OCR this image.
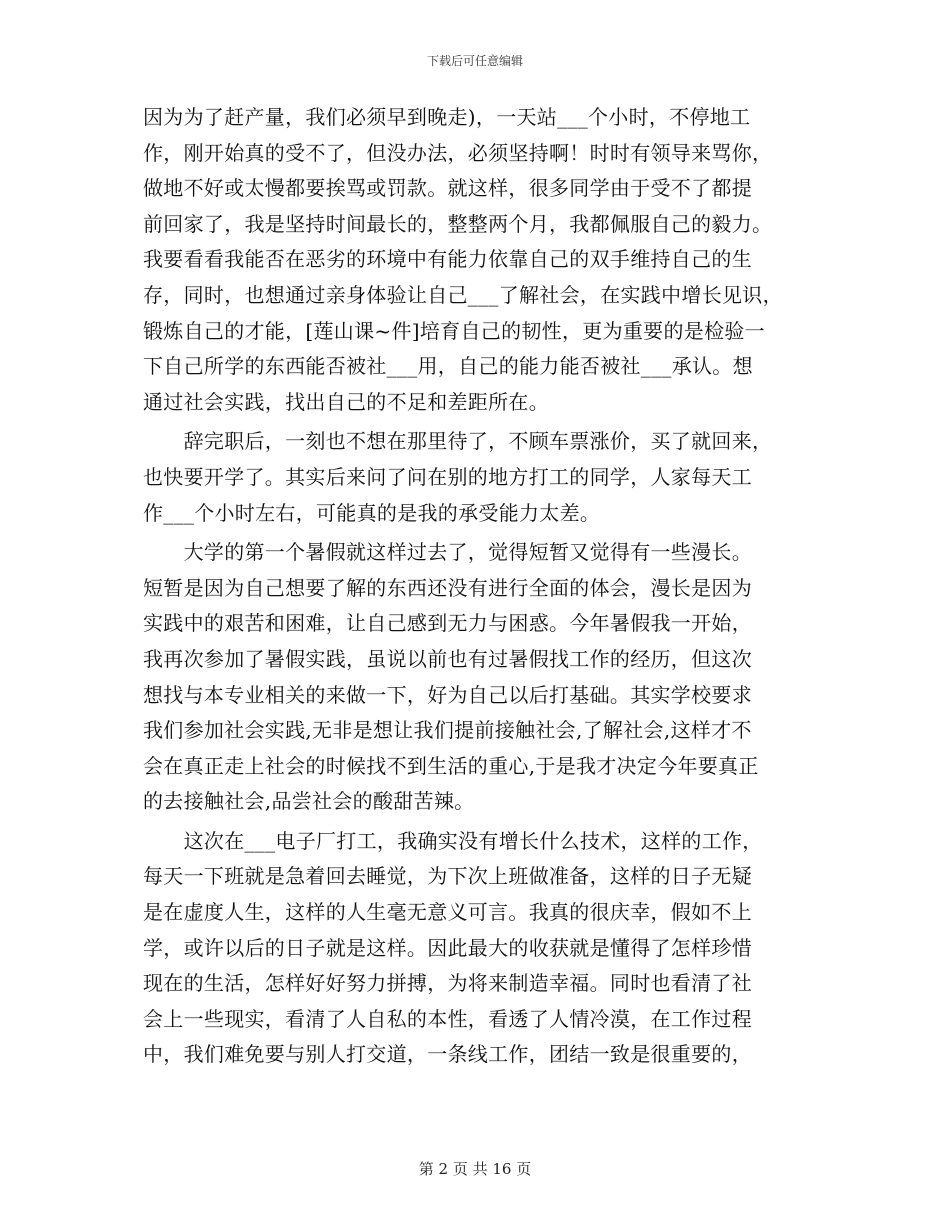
下载后可任意编辑
因为为了赶产量，我们必须早到晚走)，一天站___个小时，不停地工
作，刚开始真的受不了，但没办法，必须坚持啊！时时有领导来骂你，
做地不好或太慢都要挨骂或罚款。就这样，很多同学由于受不了都提
前回家了，我是坚持时间最长的，整整两个月，我都佩服自己的毅力。
我要看看我能否在恶劣的环境中有能力依靠自己的双手维持自己的生
存，同时，也想通过亲身体验让自己___了解社会，在实践中增长见识，
锻炼自己的才能，[莲山课~件]培育自己的韧性，更为重要的是检验一
下自己所学的东西能否被社___用，自己的能力能否被社___承认。想
通过社会实践，找出自己的不足和差距所在。
　　辞完职后，一刻也不想在那里待了，不顾车票涨价，买了就回来，
也快要开学了。其实后来问了问在别的地方打工的同学，人家每天工
作___个小时左右，可能真的是我的承受能力太差。
　　大学的第一个暑假就这样过去了，觉得短暂又觉得有一些漫长。
短暂是因为自己想要了解的东西还没有进行全面的体会，漫长是因为
实践中的艰苦和困难，让自己感到无力与困惑。今年暑假我一开始，
我再次参加了暑假实践，虽说以前也有过暑假找工作的经历，但这次
想找与本专业相关的来做一下，好为自己以后打基础。其实学校要求
我们参加社会实践,无非是想让我们提前接触社会,了解社会,这样才不
会在真正走上社会的时候找不到生活的重心,于是我才决定今年要真正
的去接触社会,品尝社会的酸甜苦辣。
　　这次在___电子厂打工，我确实没有增长什么技术，这样的工作，
每天一下班就是急着回去睡觉，为下次上班做准备，这样的日子无疑
是在虚度人生，这样的人生毫无意义可言。我真的很庆幸，假如不上
学，或许以后的日子就是这样。因此最大的收获就是懂得了怎样珍惜
现在的生活，怎样好好努力拼搏，为将来制造幸福。同时也看清了社
会上一些现实，看清了人自私的本性，看透了人情冷漠，在工作过程
中，我们难免要与别人打交道，一条线工作，团结一致是很重要的，
第 2 页 共 16 页
